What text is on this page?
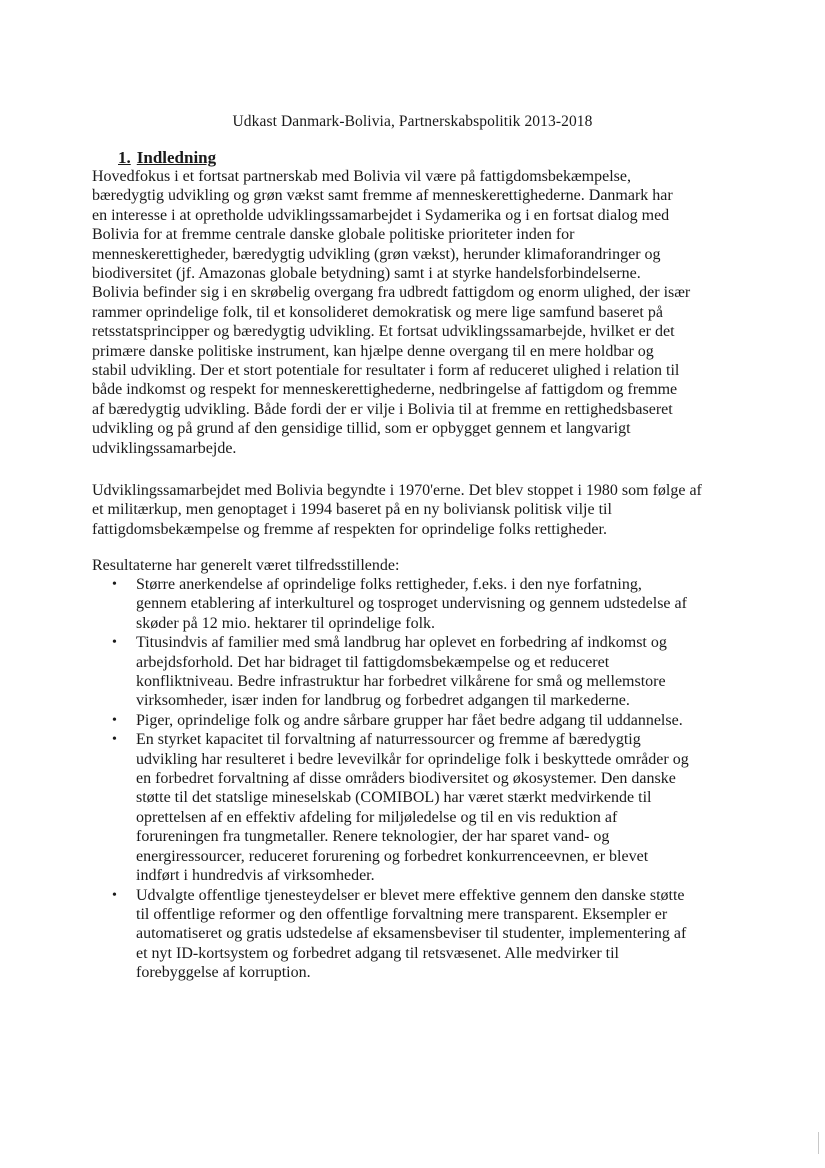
Udkast Danmark-Bolivia, Partnerskabspolitik 2013-2018
1. Indledning
Hovedfokus i et fortsat partnerskab med Bolivia vil være på fattigdomsbekæmpelse,
bæredygtig udvikling og grøn vækst samt fremme af menneskerettighederne. Danmark har
en interesse i at opretholde udviklingssamarbejdet i Sydamerika og i en fortsat dialog med
Bolivia for at fremme centrale danske globale politiske prioriteter inden for
menneskerettigheder, bæredygtig udvikling (grøn vækst), herunder klimaforandringer og
biodiversitet (jf. Amazonas globale betydning) samt i at styrke handelsforbindelserne.
Bolivia befinder sig i en skrøbelig overgang fra udbredt fattigdom og enorm ulighed, der især
rammer oprindelige folk, til et konsolideret demokratisk og mere lige samfund baseret på
retsstatsprincipper og bæredygtig udvikling. Et fortsat udviklingssamarbejde, hvilket er det
primære danske politiske instrument, kan hjælpe denne overgang til en mere holdbar og
stabil udvikling. Der et stort potentiale for resultater i form af reduceret ulighed i relation til
både indkomst og respekt for menneskerettighederne, nedbringelse af fattigdom og fremme
af bæredygtig udvikling. Både fordi der er vilje i Bolivia til at fremme en rettighedsbaseret
udvikling og på grund af den gensidige tillid, som er opbygget gennem et langvarigt
udviklingssamarbejde.
Udviklingssamarbejdet med Bolivia begyndte i 1970'erne. Det blev stoppet i 1980 som følge af
et militærkup, men genoptaget i 1994 baseret på en ny boliviansk politisk vilje til
fattigdomsbekæmpelse og fremme af respekten for oprindelige folks rettigheder.
Resultaterne har generelt været tilfredsstillende:
• Større anerkendelse af oprindelige folks rettigheder, f.eks. i den nye forfatning,
gennem etablering af interkulturel og tosproget undervisning og gennem udstedelse af
skøder på 12 mio. hektarer til oprindelige folk.
• Titusindvis af familier med små landbrug har oplevet en forbedring af indkomst og
arbejdsforhold. Det har bidraget til fattigdomsbekæmpelse og et reduceret
konfliktniveau. Bedre infrastruktur har forbedret vilkårene for små og mellemstore
virksomheder, især inden for landbrug og forbedret adgangen til markederne.
• Piger, oprindelige folk og andre sårbare grupper har fået bedre adgang til uddannelse.
• En styrket kapacitet til forvaltning af naturressourcer og fremme af bæredygtig
udvikling har resulteret i bedre levevilkår for oprindelige folk i beskyttede områder og
en forbedret forvaltning af disse områders biodiversitet og økosystemer. Den danske
støtte til det statslige mineselskab (COMIBOL) har været stærkt medvirkende til
oprettelsen af en effektiv afdeling for miljøledelse og til en vis reduktion af
forureningen fra tungmetaller. Renere teknologier, der har sparet vand- og
energiressourcer, reduceret forurening og forbedret konkurrenceevnen, er blevet
indført i hundredvis af virksomheder.
• Udvalgte offentlige tjenesteydelser er blevet mere effektive gennem den danske støtte
til offentlige reformer og den offentlige forvaltning mere transparent. Eksempler er
automatiseret og gratis udstedelse af eksamensbeviser til studenter, implementering af
et nyt ID-kortsystem og forbedret adgang til retsvæsenet. Alle medvirker til
forebyggelse af korruption.
